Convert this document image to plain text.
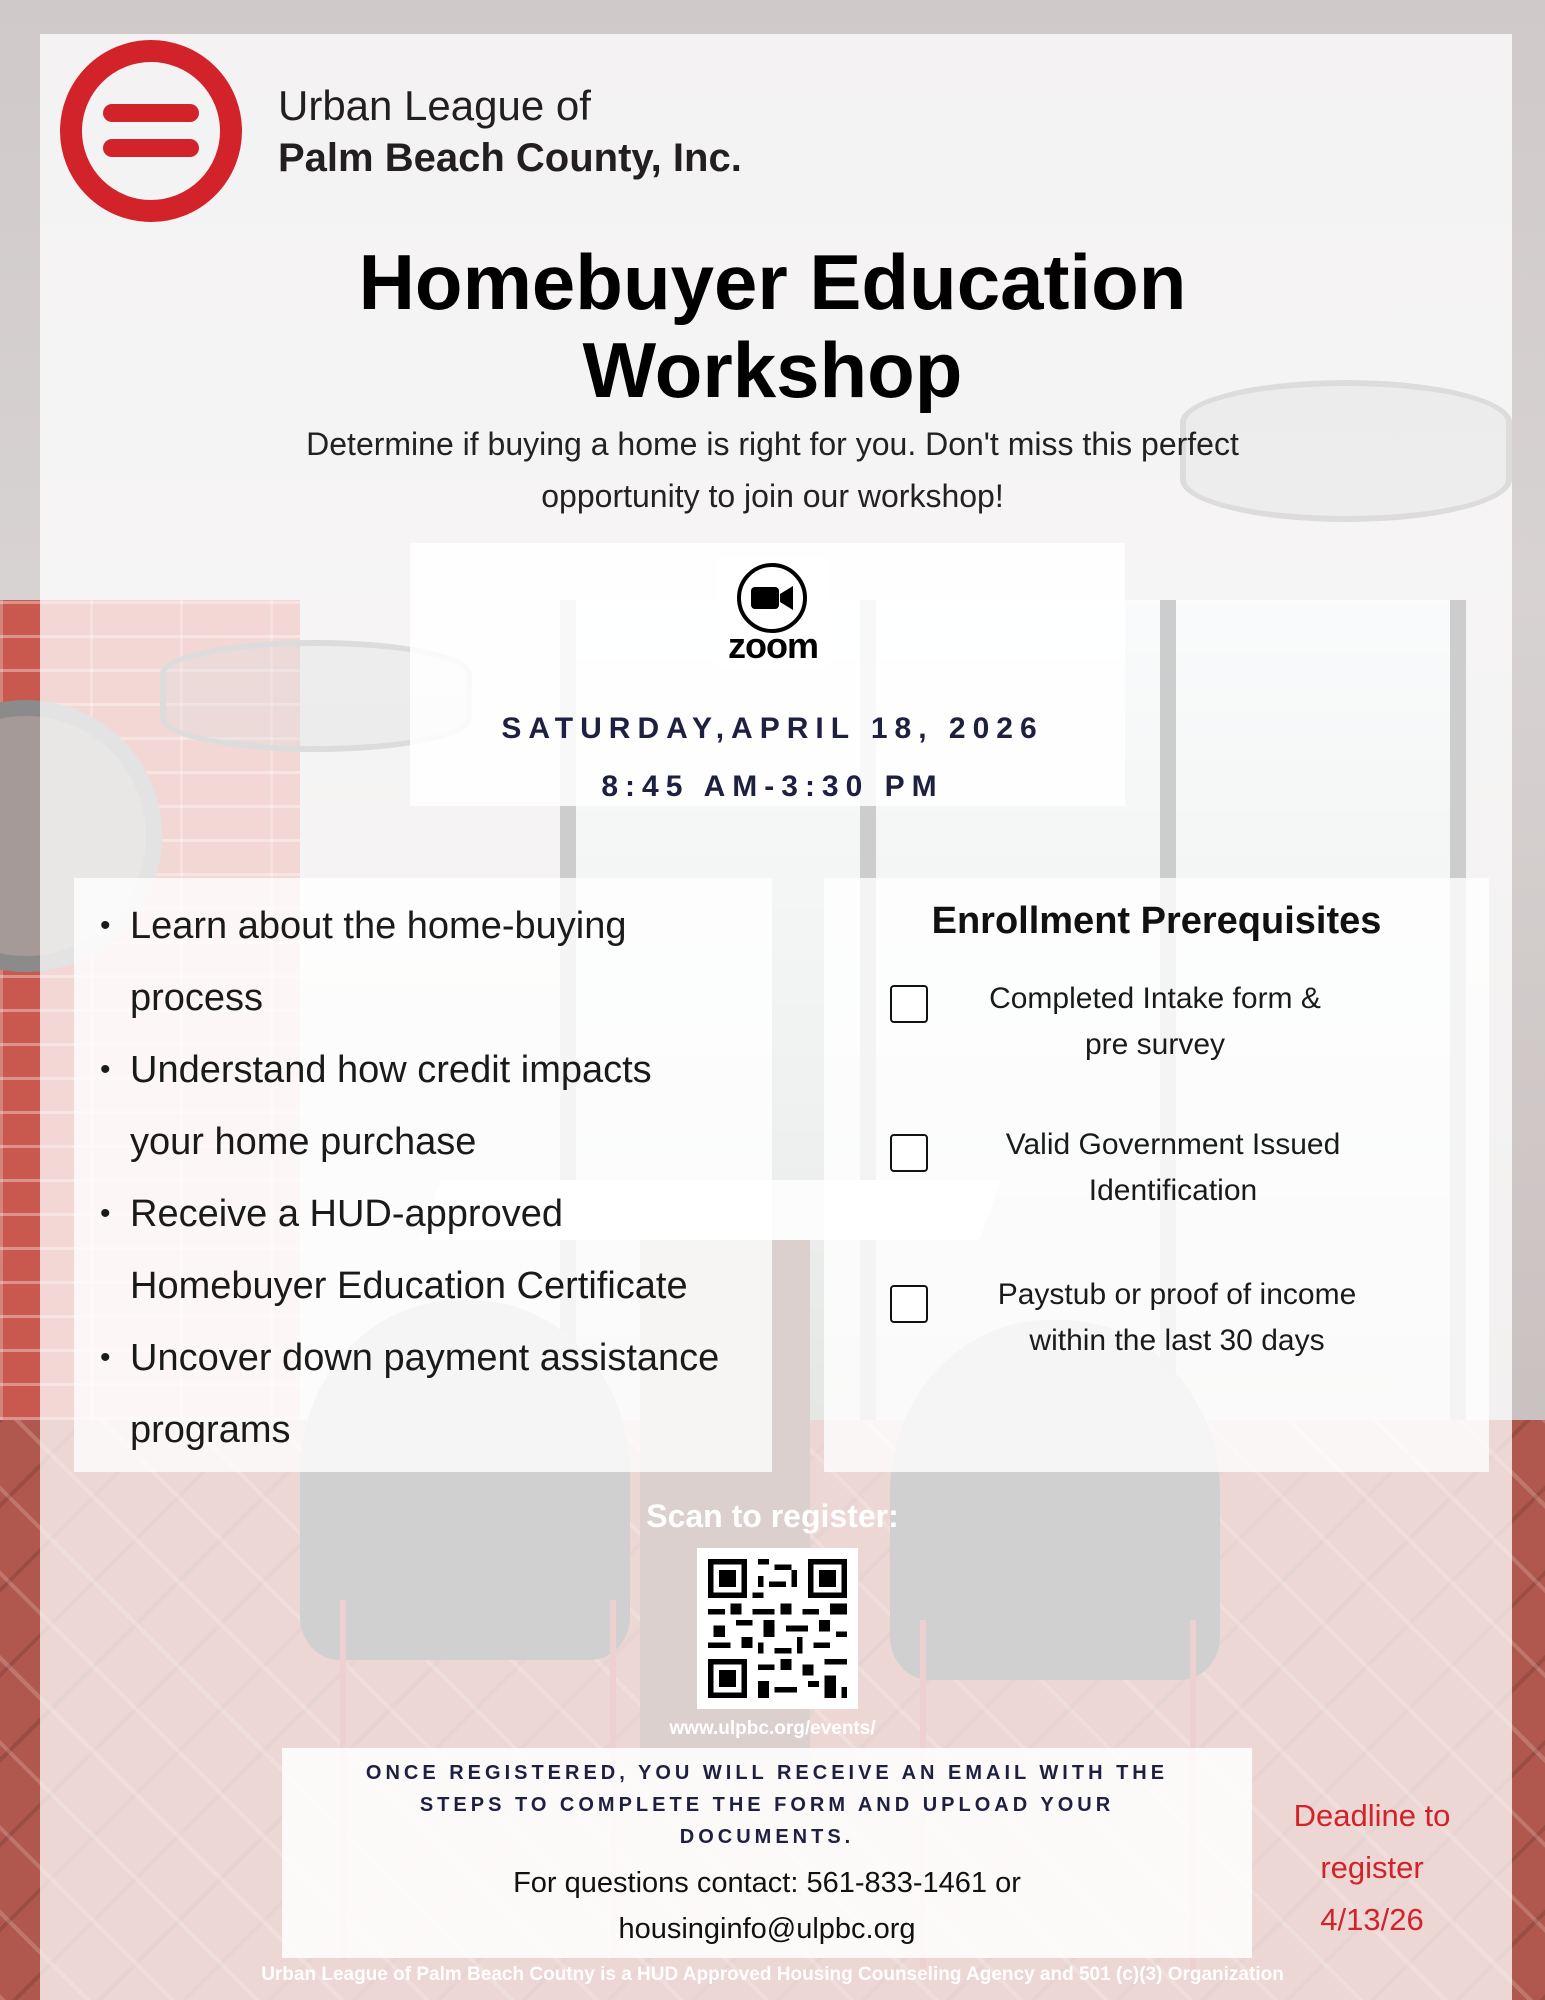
Urban League of
Palm Beach County, Inc.
Homebuyer Education
Workshop
Determine if buying a home is right for you. Don't miss this perfect
opportunity to join our workshop!
zoom
SATURDAY,APRIL 18, 2026
8:45 AM-3:30 PM
• Learn about the home-buying
process
• Understand how credit impacts
your home purchase
• Receive a HUD-approved
Homebuyer Education Certificate
• Uncover down payment assistance
programs
Enrollment Prerequisites
Completed Intake form &
pre survey
Valid Government Issued
Identification
Paystub or proof of income
within the last 30 days
Scan to register:
www.ulpbc.org/events/
ONCE REGISTERED, YOU WILL RECEIVE AN EMAIL WITH THE
STEPS TO COMPLETE THE FORM AND UPLOAD YOUR
DOCUMENTS.
For questions contact: 561-833-1461 or
housinginfo@ulpbc.org
Deadline to
register
4/13/26
Urban League of Palm Beach Coutny is a HUD Approved Housing Counseling Agency and 501 (c)(3) Organization
